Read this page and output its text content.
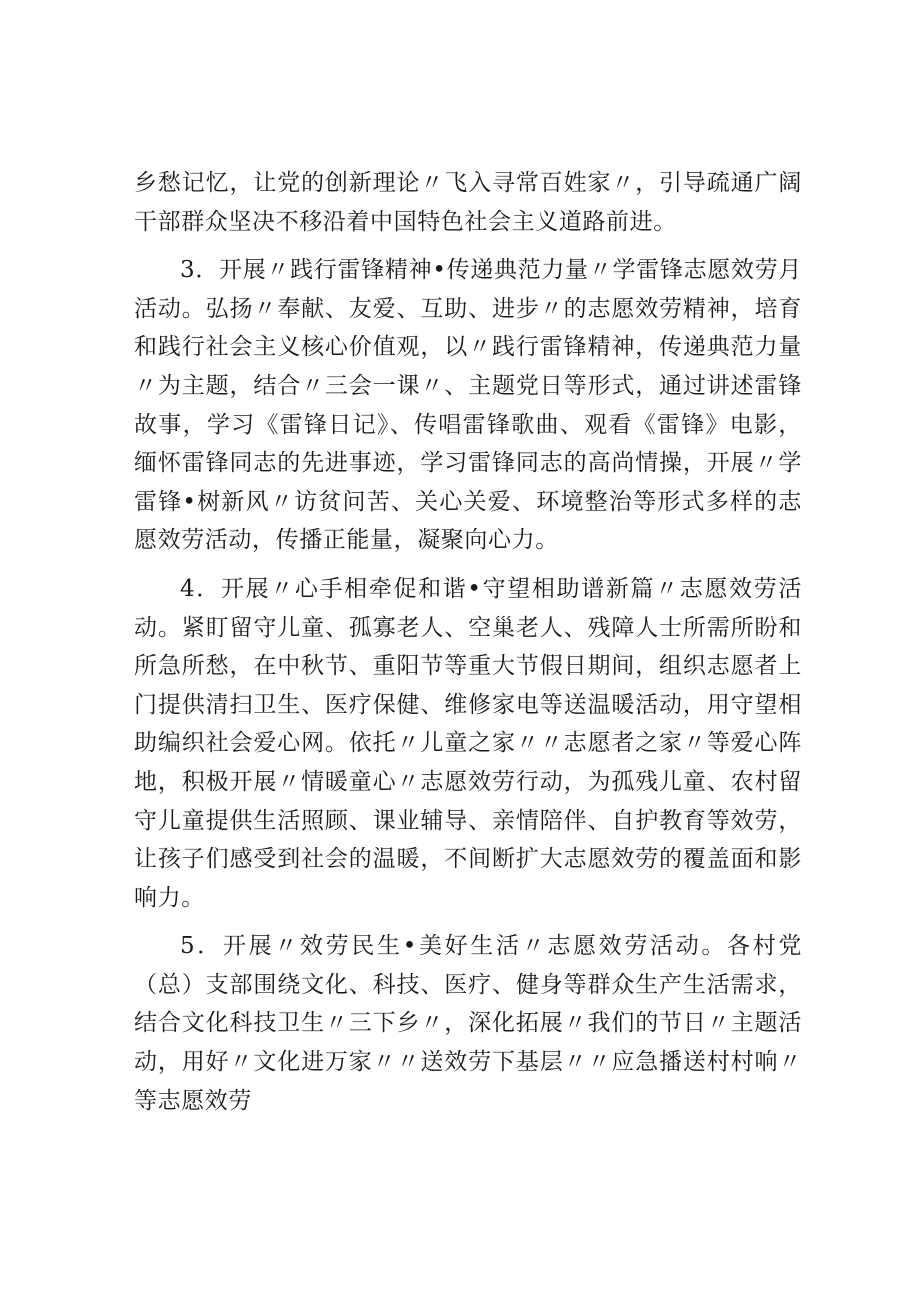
乡愁记忆，让党的创新理论〃飞入寻常百姓家〃，引导疏通广阔干部群众坚决不移沿着中国特色社会主义道路前进。

3．开展〃践行雷锋精神•传递典范力量〃学雷锋志愿效劳月活动。弘扬〃奉献、友爱、互助、进步〃的志愿效劳精神，培育和践行社会主义核心价值观，以〃践行雷锋精神，传递典范力量〃为主题，结合〃三会一课〃、主题党日等形式，通过讲述雷锋故事，学习《雷锋日记》、传唱雷锋歌曲、观看《雷锋》电影，缅怀雷锋同志的先进事迹，学习雷锋同志的高尚情操，开展〃学雷锋•树新风〃访贫问苦、关心关爱、环境整治等形式多样的志愿效劳活动，传播正能量，凝聚向心力。

4．开展〃心手相牵促和谐•守望相助谱新篇〃志愿效劳活动。紧盯留守儿童、孤寡老人、空巢老人、残障人士所需所盼和所急所愁，在中秋节、重阳节等重大节假日期间，组织志愿者上门提供清扫卫生、医疗保健、维修家电等送温暖活动，用守望相助编织社会爱心网。依托〃儿童之家〃〃志愿者之家〃等爱心阵地，积极开展〃情暖童心〃志愿效劳行动，为孤残儿童、农村留守儿童提供生活照顾、课业辅导、亲情陪伴、自护教育等效劳，让孩子们感受到社会的温暖，不间断扩大志愿效劳的覆盖面和影响力。

5．开展〃效劳民生•美好生活〃志愿效劳活动。各村党（总）支部围绕文化、科技、医疗、健身等群众生产生活需求，结合文化科技卫生〃三下乡〃，深化拓展〃我们的节日〃主题活动，用好〃文化进万家〃〃送效劳下基层〃〃应急播送村村响〃等志愿效劳
